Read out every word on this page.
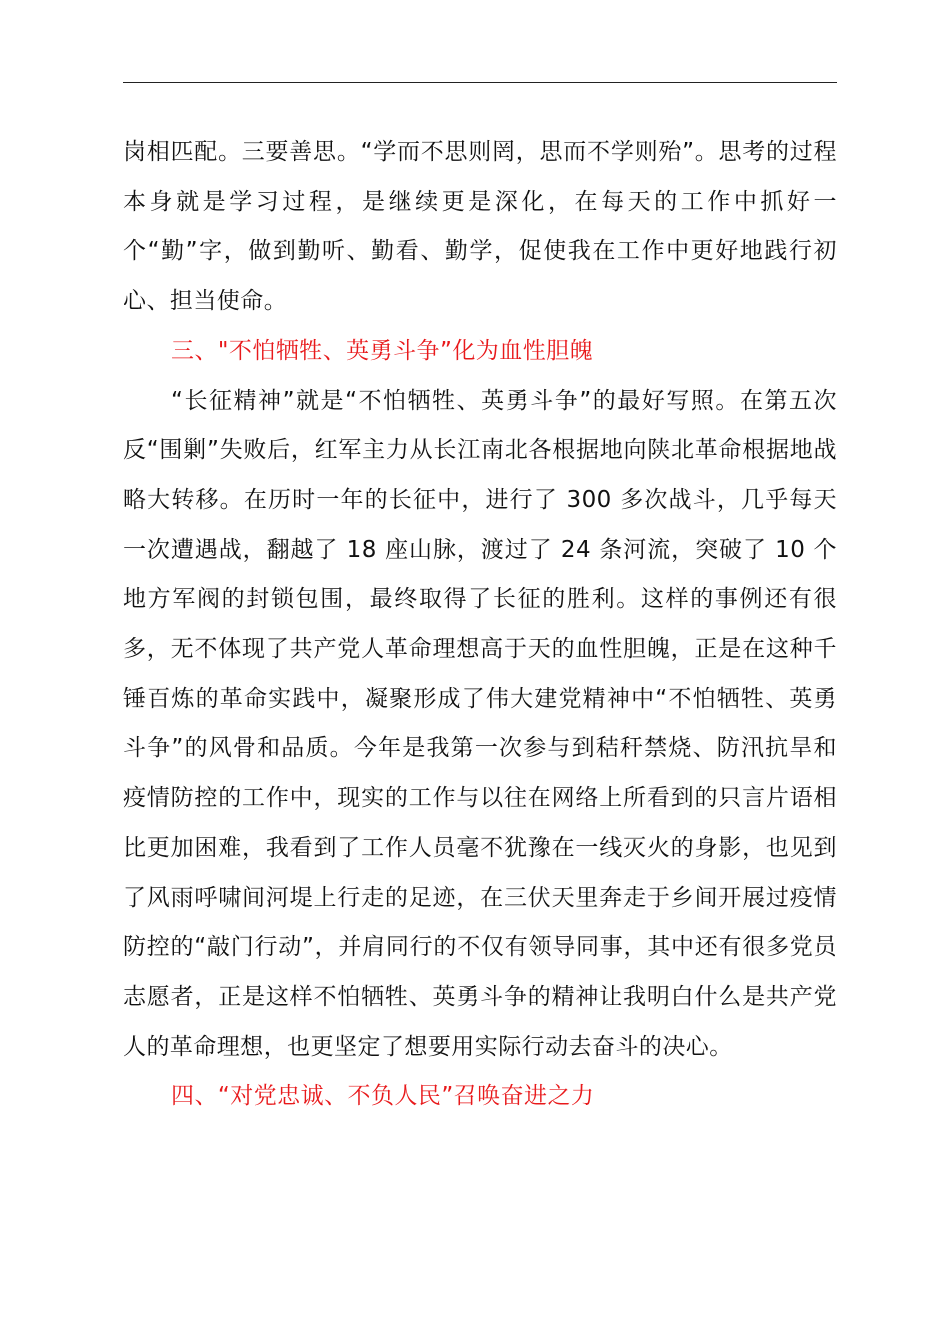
岗相匹配。三要善思。“学而不思则罔，思而不学则殆”。思考的过程本身就是学习过程，是继续更是深化，在每天的工作中抓好一个“勤”字，做到勤听、勤看、勤学，促使我在工作中更好地践行初心、担当使命。

三、"不怕牺牲、英勇斗争”化为血性胆魄

“长征精神”就是“不怕牺牲、英勇斗争”的最好写照。在第五次反“围剿”失败后，红军主力从长江南北各根据地向陕北革命根据地战略大转移。在历时一年的长征中，进行了 300 多次战斗，几乎每天一次遭遇战，翻越了 18 座山脉，渡过了 24 条河流，突破了 10 个地方军阀的封锁包围，最终取得了长征的胜利。这样的事例还有很多，无不体现了共产党人革命理想高于天的血性胆魄，正是在这种千锤百炼的革命实践中，凝聚形成了伟大建党精神中“不怕牺牲、英勇斗争”的风骨和品质。今年是我第一次参与到秸秆禁烧、防汛抗旱和疫情防控的工作中，现实的工作与以往在网络上所看到的只言片语相比更加困难，我看到了工作人员毫不犹豫在一线灭火的身影，也见到了风雨呼啸间河堤上行走的足迹，在三伏天里奔走于乡间开展过疫情防控的“敲门行动”，并肩同行的不仅有领导同事，其中还有很多党员志愿者，正是这样不怕牺牲、英勇斗争的精神让我明白什么是共产党人的革命理想，也更坚定了想要用实际行动去奋斗的决心。

四、“对党忠诚、不负人民”召唤奋进之力
